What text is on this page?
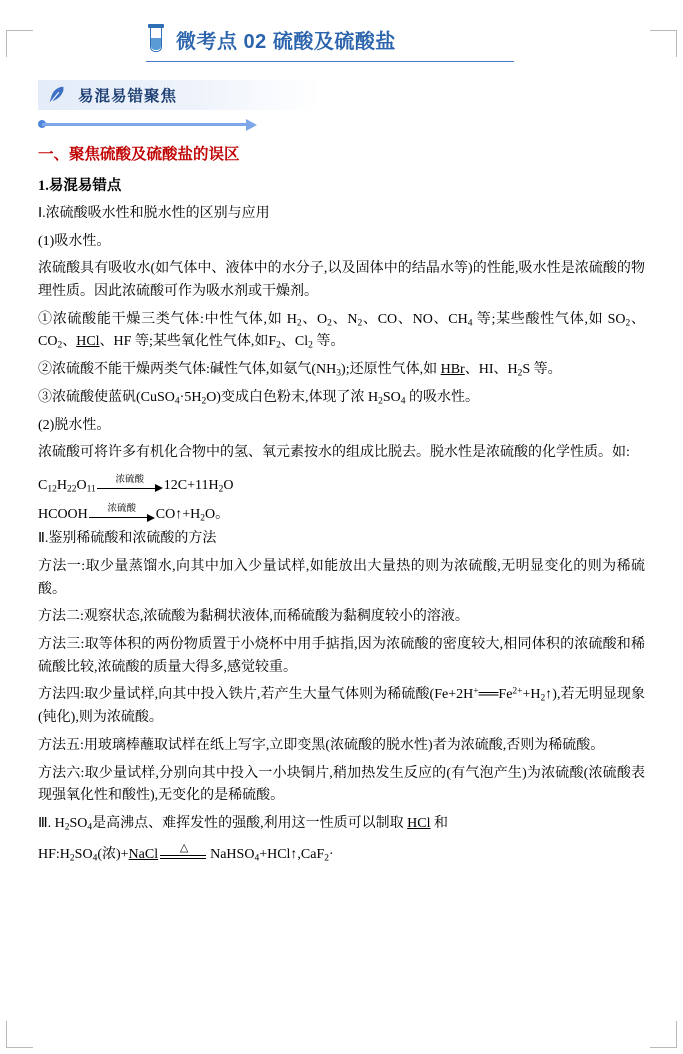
微考点 02 硫酸及硫酸盐
易混易错聚焦
一、聚焦硫酸及硫酸盐的误区
1.易混易错点

Ⅰ.浓硫酸吸水性和脱水性的区别与应用

(1)吸水性。

浓硫酸具有吸收水(如气体中、液体中的水分子,以及固体中的结晶水等)的性能,吸水性是浓硫酸的物理性质。因此浓硫酸可作为吸水剂或干燥剂。

①浓硫酸能干燥三类气体:中性气体,如 $H_2$、$O_2$、$N_2$、CO、NO、$CH_4$ 等;某些酸性气体,如 $SO_2$、$CO_2$、HCl、HF 等;某些氧化性气体,如$F_2$、$Cl_2$ 等。

②浓硫酸不能干燥两类气体:碱性气体,如氨气$(NH_3)$;还原性气体,如 HBr、HI、$H_2S$ 等。

③浓硫酸使蓝矾$(CuSO_4\cdot 5H_2O)$变成白色粉末,体现了浓 $H_2SO_4$ 的吸水性。

(2)脱水性。

浓硫酸可将许多有机化合物中的氢、氧元素按水的组成比脱去。脱水性是浓硫酸的化学性质。如:

$C_{12}H_{22}O_{11}$
浓硫酸 $12C+11H_2O$
HCOOH 浓硫酸 $CO↑+H_2O$。

Ⅱ.鉴别稀硫酸和浓硫酸的方法

方法一:取少量蒸馏水,向其中加入少量试样,如能放出大量热的则为浓硫酸,无明显变化的则为稀硫酸。

方法二:观察状态,浓硫酸为黏稠状液体,而稀硫酸为黏稠度较小的溶液。

方法三:取等体积的两份物质置于小烧杯中用手掂指,因为浓硫酸的密度较大,相同体积的浓硫酸和稀硫酸比较,浓硫酸的质量大得多,感觉较重。

方法四:取少量试样,向其中投入铁片,若产生大量气体则为稀硫酸$(Fe+2H^+══Fe^{2+}+H_2↑)$,若无明显现象(钝化),则为浓硫酸。

方法五:用玻璃棒蘸取试样在纸上写字,立即变黑(浓硫酸的脱水性)者为浓硫酸,否则为稀硫酸。

方法六:取少量试样,分别向其中投入一小块铜片,稍加热发生反应的(有气泡产生)为浓硫酸(浓硫酸表现强氧化性和酸性),无变化的是稀硫酸。

Ⅲ. $H_2SO_4$是高沸点、难挥发性的强酸,利用这一性质可以制取 HCl 和

$HF:H_2SO_4$(浓)+NaCl △ NaHSO$_4$+HCl↑,CaF$_2$·
